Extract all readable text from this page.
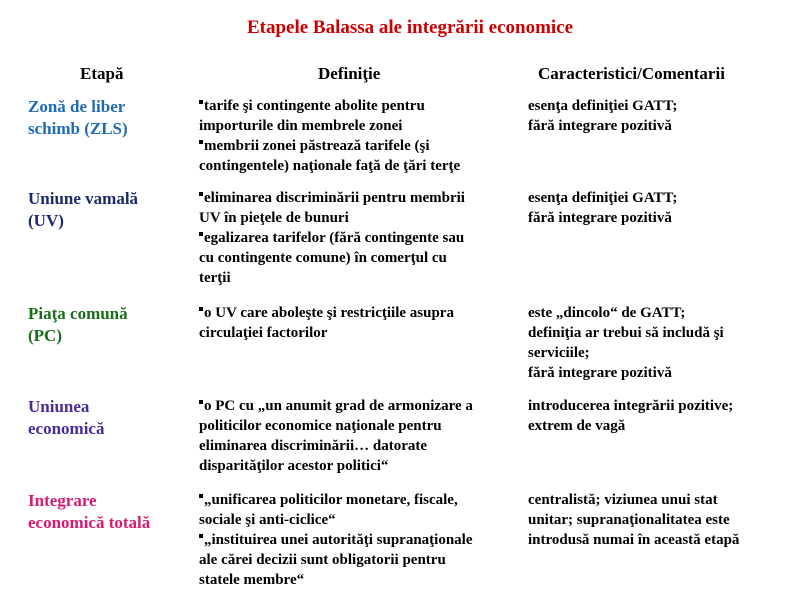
Etapele Balassa ale integrării economice
Etapă	Definiţie	Caracteristici/Comentarii
Zonă de liber
schimb (ZLS)
tarife şi contingente abolite pentru
importurile din membrele zonei
membrii zonei păstrează tarifele (şi
contingentele) naţionale faţă de ţări terţe
esenţa definiţiei GATT;
fără integrare pozitivă
Uniune vamală
(UV)
eliminarea discriminării pentru membrii
UV în pieţele de bunuri
egalizarea tarifelor (fără contingente sau
cu contingente comune) în comerţul cu
terţii
esenţa definiţiei GATT;
fără integrare pozitivă
Piaţa comună
(PC)
o UV care aboleşte şi restricţiile asupra
circulaţiei factorilor
este „dincolo“ de GATT;
definiţia ar trebui să includă şi
serviciile;
fără integrare pozitivă
Uniunea
economică
o PC cu „un anumit grad de armonizare a
politicilor economice naţionale pentru
eliminarea discriminării… datorate
disparităţilor acestor politici“
introducerea integrării pozitive;
extrem de vagă
Integrare
economică totală
„unificarea politicilor monetare, fiscale,
sociale şi anti-ciclice“
„instituirea unei autorităţi supranaţionale
ale cărei decizii sunt obligatorii pentru
statele membre“
centralistă; viziunea unui stat
unitar; supranaţionalitatea este
introdusă numai în această etapă
